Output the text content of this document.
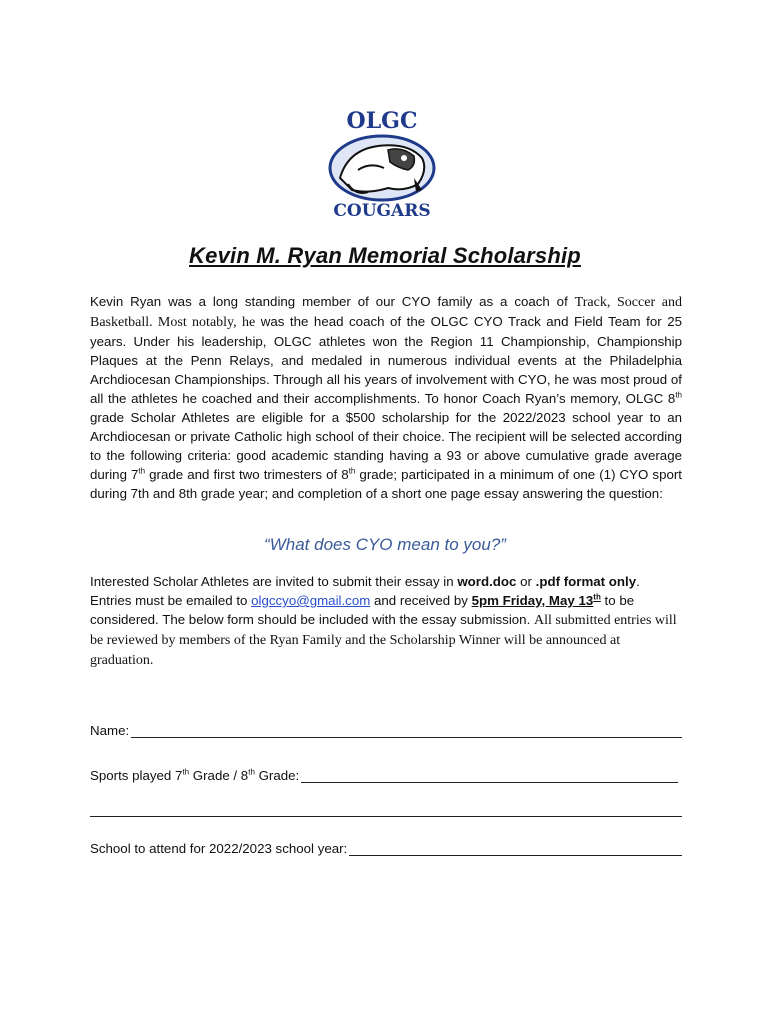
OLGC
COUGARS
Kevin M. Ryan Memorial Scholarship
Kevin Ryan was a long standing member of our CYO family as a coach of Track, Soccer and Basketball. Most notably, he was the head coach of the OLGC CYO Track and Field Team for 25 years. Under his leadership, OLGC athletes won the Region 11 Championship, Championship Plaques at the Penn Relays, and medaled in numerous individual events at the Philadelphia Archdiocesan Championships. Through all his years of involvement with CYO, he was most proud of all the athletes he coached and their accomplishments. To honor Coach Ryan’s memory, OLGC 8th grade Scholar Athletes are eligible for a $500 scholarship for the 2022/2023 school year to an Archdiocesan or private Catholic high school of their choice. The recipient will be selected according to the following criteria: good academic standing having a 93 or above cumulative grade average during 7th grade and first two trimesters of 8th grade; participated in a minimum of one (1) CYO sport during 7th and 8th grade year; and completion of a short one page essay answering the question:
“What does CYO mean to you?”
Interested Scholar Athletes are invited to submit their essay in word.doc or .pdf format only. Entries must be emailed to olgccyo@gmail.com and received by 5pm Friday, May 13th to be considered. The below form should be included with the essay submission. All submitted entries will be reviewed by members of the Ryan Family and the Scholarship Winner will be announced at graduation.
Name:
Sports played 7th Grade / 8th Grade:
School to attend for 2022/2023 school year:
